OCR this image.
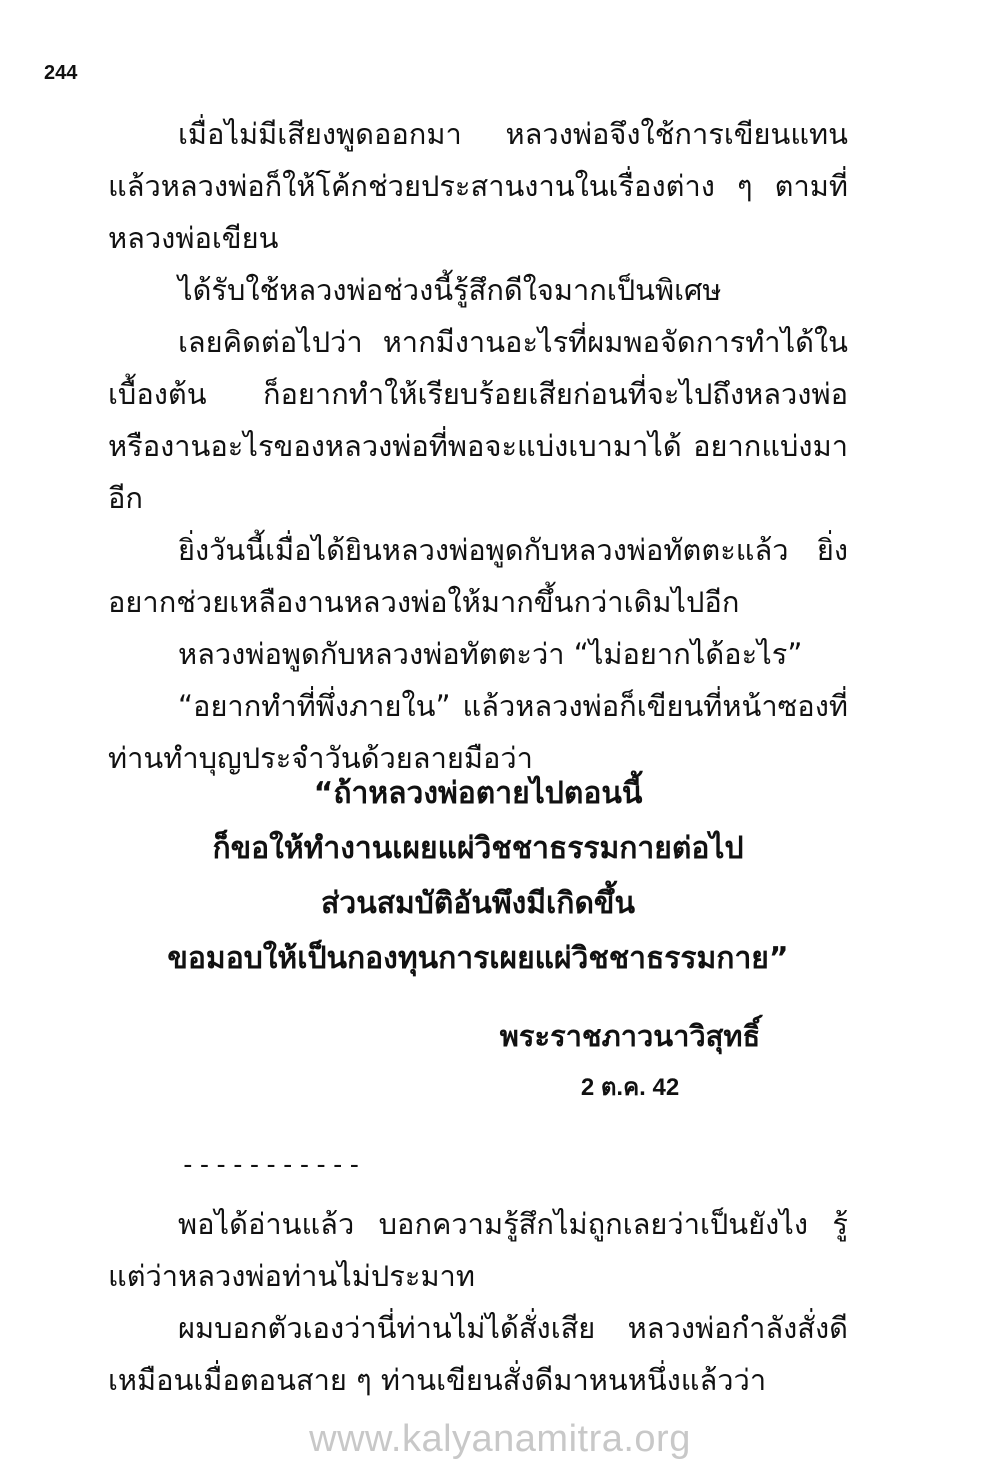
244

เมื่อไม่มีเสียงพูดออกมา หลวงพ่อจึงใช้การเขียนแทน แล้วหลวงพ่อก็ให้โค้กช่วยประสานงานในเรื่องต่าง ๆ ตามที่หลวงพ่อเขียน

ได้รับใช้หลวงพ่อช่วงนี้รู้สึกดีใจมากเป็นพิเศษ

เลยคิดต่อไปว่า หากมีงานอะไรที่ผมพอจัดการทำได้ในเบื้องต้น ก็อยากทำให้เรียบร้อยเสียก่อนที่จะไปถึงหลวงพ่อ หรืองานอะไรของหลวงพ่อที่พอจะแบ่งเบามาได้ อยากแบ่งมาอีก

ยิ่งวันนี้เมื่อได้ยินหลวงพ่อพูดกับหลวงพ่อทัตตะแล้ว ยิ่งอยากช่วยเหลืองานหลวงพ่อให้มากขึ้นกว่าเดิมไปอีก

หลวงพ่อพูดกับหลวงพ่อทัตตะว่า “ไม่อยากได้อะไร”

“อยากทำที่พึ่งภายใน” แล้วหลวงพ่อก็เขียนที่หน้าซองที่ท่านทำบุญประจำวันด้วยลายมือว่า

“ถ้าหลวงพ่อตายไปตอนนี้
ก็ขอให้ทำงานเผยแผ่วิชชาธรรมกายต่อไป
ส่วนสมบัติอันพึงมีเกิดขึ้น
ขอมอบให้เป็นกองทุนการเผยแผ่วิชชาธรรมกาย”
พระราชภาวนาวิสุทธิ์
2 ต.ค. 42
-----------

พอได้อ่านแล้ว บอกความรู้สึกไม่ถูกเลยว่าเป็นยังไง รู้แต่ว่าหลวงพ่อท่านไม่ประมาท

ผมบอกตัวเองว่านี่ท่านไม่ได้สั่งเสีย หลวงพ่อกำลังสั่งดีเหมือนเมื่อตอนสาย ๆ ท่านเขียนสั่งดีมาหนหนึ่งแล้วว่า

www.kalyanamitra.org
